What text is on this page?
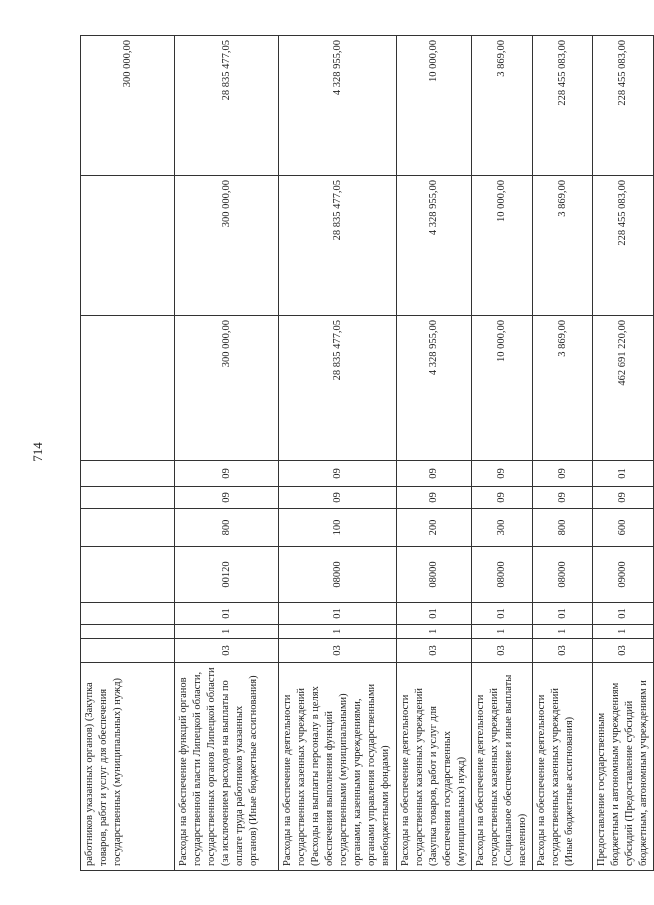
714
работников указанных органов) (Закупка товаров, работ и услуг для обеспечения государственных (муниципальных) нужд)										300 000,00
Расходы на обеспечение функций органов государственной власти Липецкой области, государственных органов Липецкой области (за исключением расходов на выплаты по оплате труда работников указанных органов) (Иные бюджетные ассигнования)	03	1	01	00120	800	09	09	300 000,00	300 000,00	28 835 477,05
Расходы на обеспечение деятельности государственных казенных учреждений (Расходы на выплаты персоналу в целях обеспечения выполнения функций государственными (муниципальными) органами, казенными учреждениями, органами управления государственными внебюджетными фондами)	03	1	01	08000	100	09	09	28 835 477,05	28 835 477,05	4 328 955,00
Расходы на обеспечение деятельности государственных казенных учреждений (Закупка товаров, работ и услуг для обеспечения государственных (муниципальных) нужд)	03	1	01	08000	200	09	09	4 328 955,00	4 328 955,00	10 000,00
Расходы на обеспечение деятельности государственных казенных учреждений (Социальное обеспечение и иные выплаты населению)	03	1	01	08000	300	09	09	10 000,00	10 000,00	3 869,00
Расходы на обеспечение деятельности государственных казенных учреждений (Иные бюджетные ассигнования)	03	1	01	08000	800	09	09	3 869,00	3 869,00	228 455 083,00
Предоставление государственным бюджетным и автономным учреждениям субсидий (Предоставление субсидий бюджетным, автономным учреждениям и	03	1	01	09000	600	09	01	462 691 220,00	228 455 083,00	228 455 083,00
